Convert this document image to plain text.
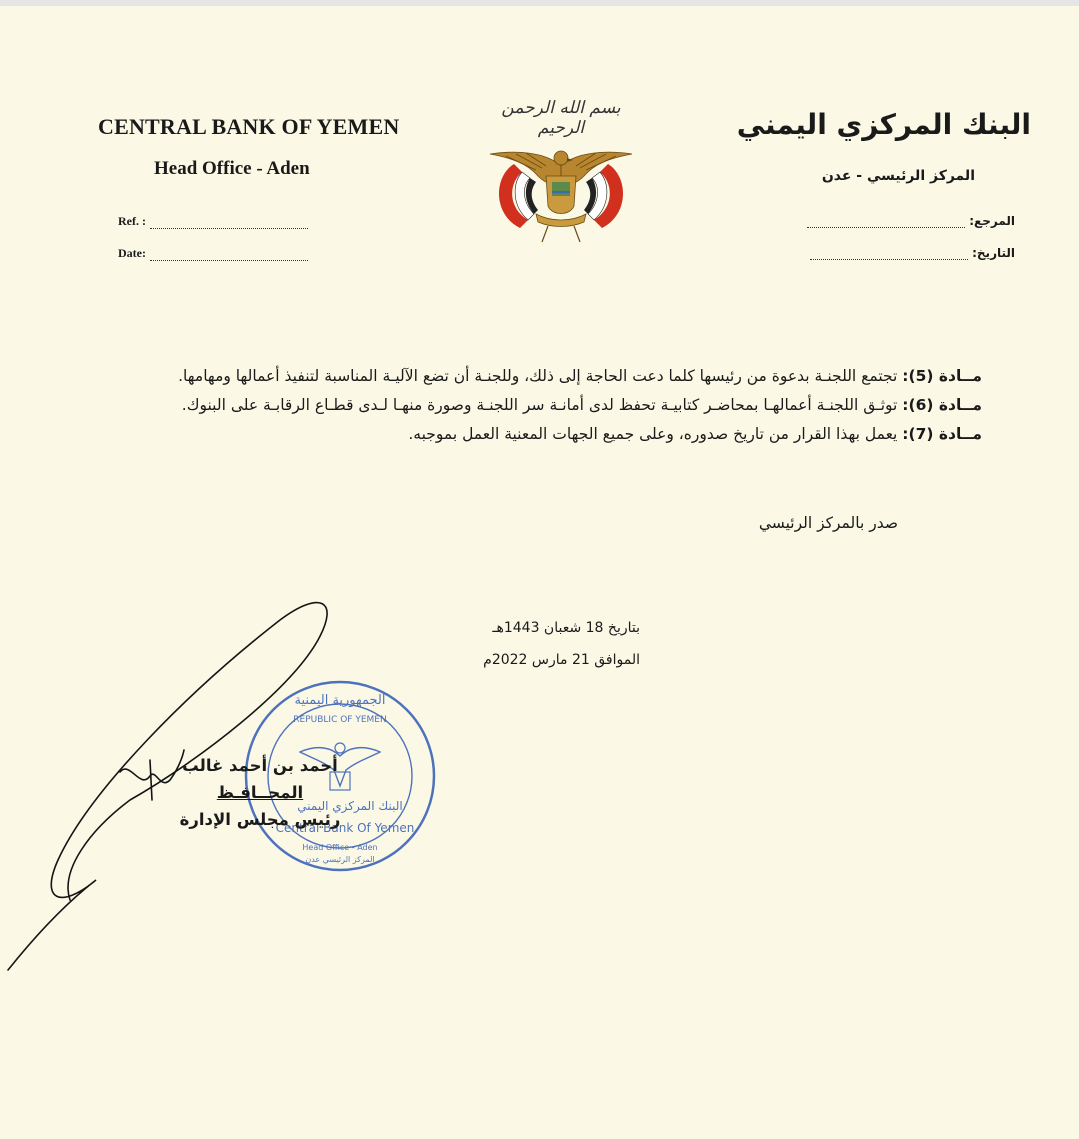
CENTRAL BANK OF YEMEN
Head Office - Aden
Ref. :
Date:
البنك المركزي اليمني
المركز الرئيسي - عدن
المرجع:
التاريخ:
بسم الله الرحمن الرحيم

مــادة (5): تجتمع اللجنـة بدعوة من رئيسها كلما دعت الحاجة إلى ذلك، وللجنـة أن تضع الآليـة المناسبة لتنفيذ أعمالها ومهامها.

مــادة (6): توثـق اللجنـة أعمالهـا بمحاضـر كتابيـة تحفظ لدى أمانـة سر اللجنـة وصورة منهـا لـدى قطـاع الرقابـة على البنوك.

مــادة (7): يعمل بهذا القرار من تاريخ صدوره، وعلى جميع الجهات المعنية العمل بموجبه.

صدر بالمركز الرئيسي
بتاريخ 18 شعبان 1443هـ
الموافق 21 مارس 2022م
الجمهورية اليمنية
REPUBLIC OF YEMEN
البنك المركزي اليمني
Central Bank Of Yemen
Head Office - Aden
المركز الرئيسي عدن
أحمد بن أحمد غالب
المحــافـظ
رئيس مجلس الإدارة
